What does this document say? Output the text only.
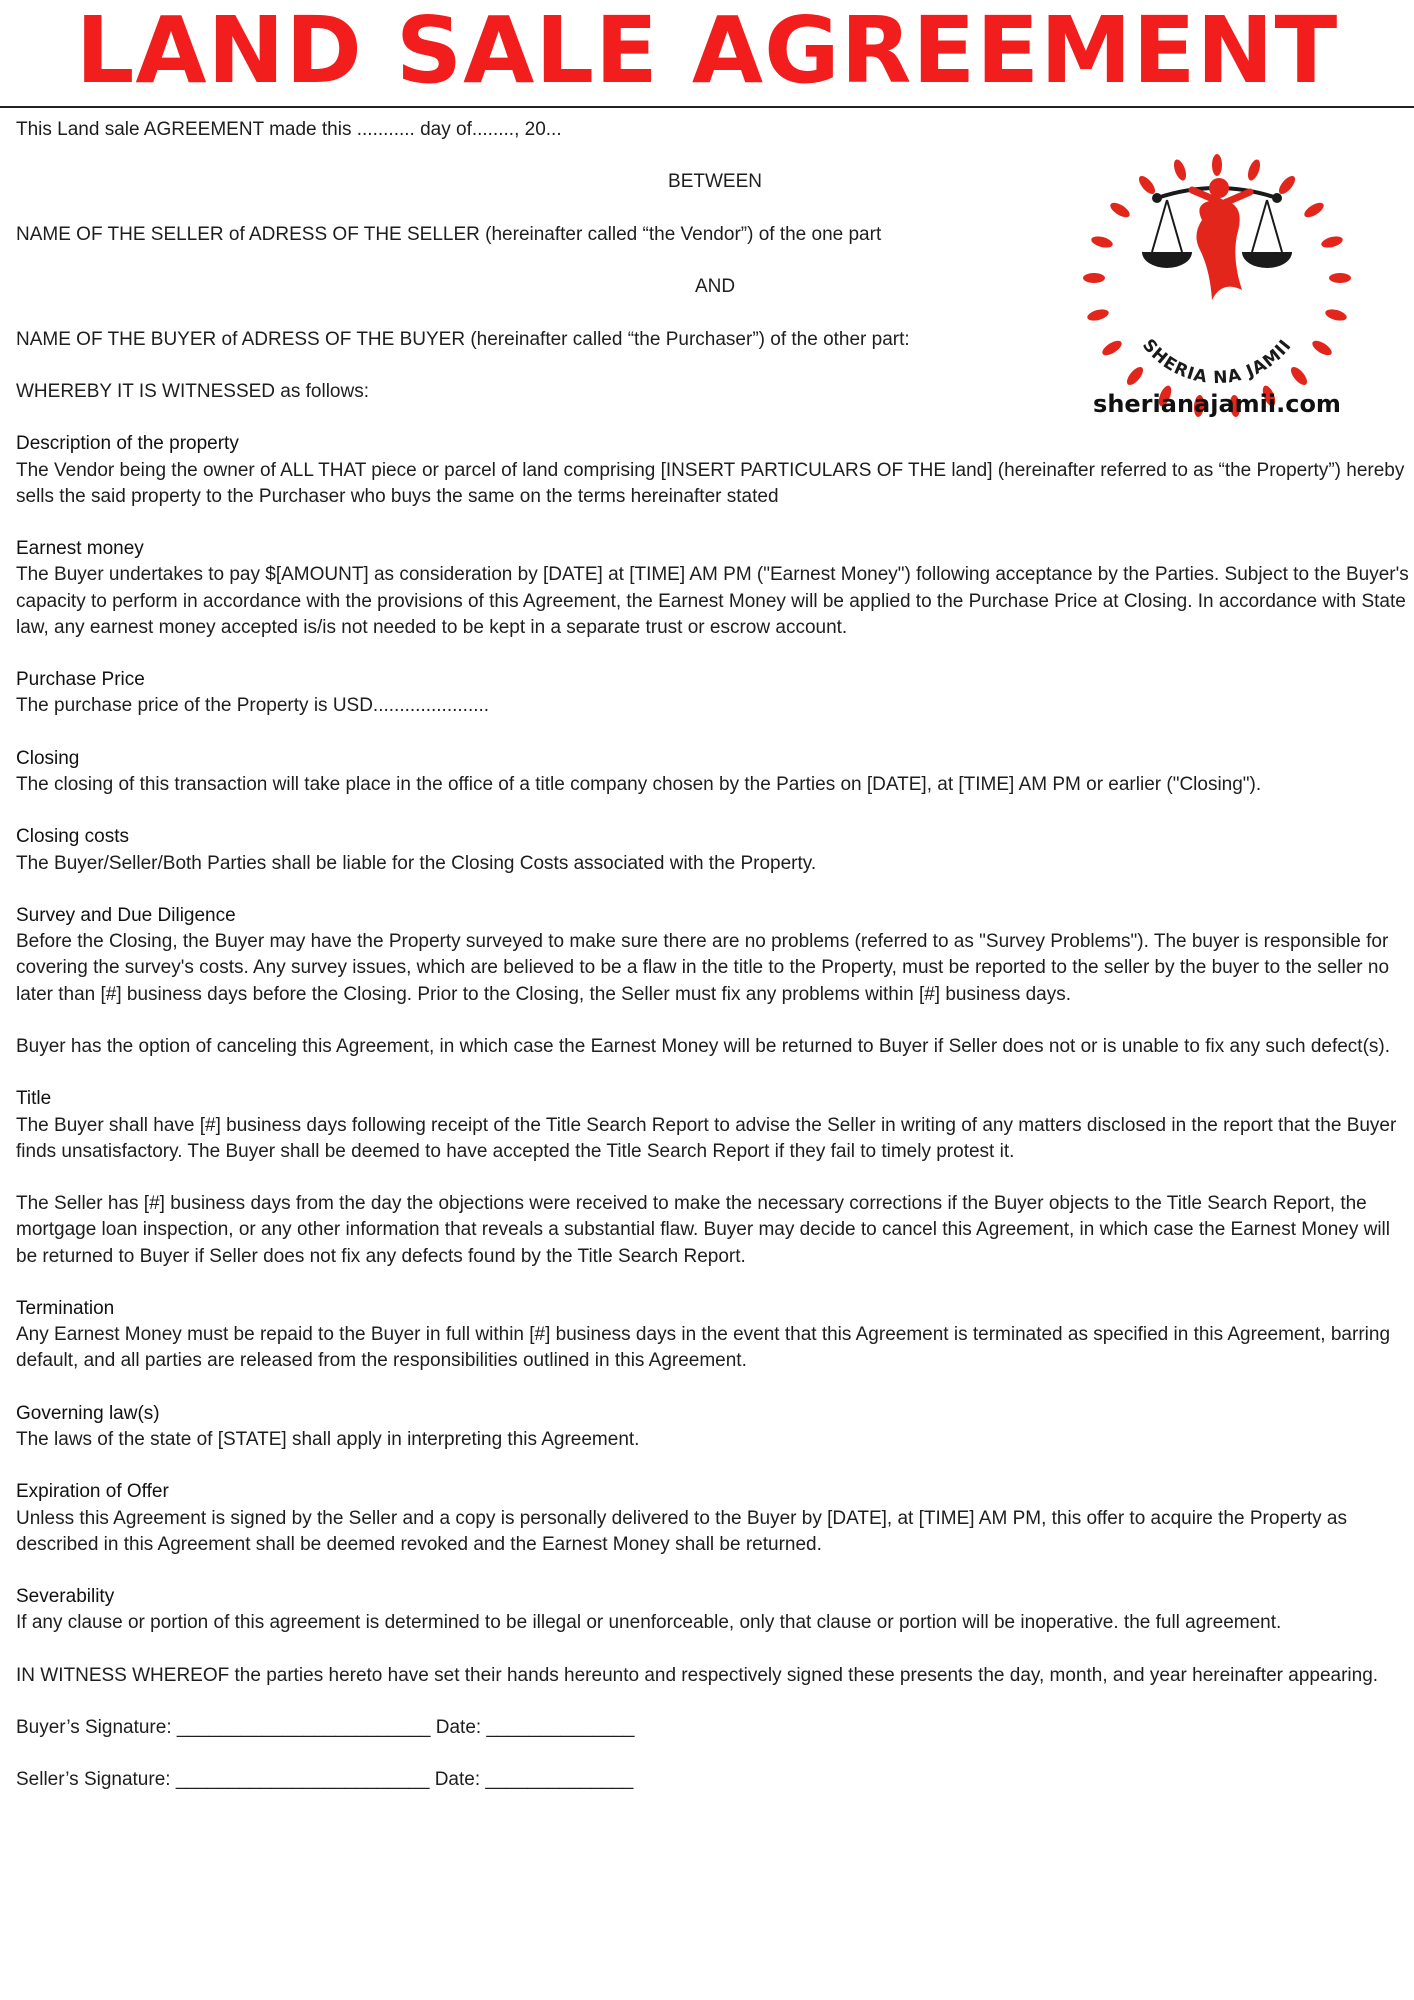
LAND SALE AGREEMENT
SHERIA NA JAMII
sherianajamii.com

This Land sale AGREEMENT made this ........... day of........, 20...

BETWEEN

NAME OF THE SELLER of ADRESS OF THE SELLER (hereinafter called “the Vendor”) of the one part

AND

NAME OF THE BUYER of ADRESS OF THE BUYER (hereinafter called “the Purchaser”) of the other part:

WHEREBY IT IS WITNESSED as follows:

Description of the property

The Vendor being the owner of ALL THAT piece or parcel of land comprising [INSERT PARTICULARS OF THE land] (hereinafter referred to as “the Property”) hereby sells the said property to the Purchaser who buys the same on the terms hereinafter stated

Earnest money

The Buyer undertakes to pay $[AMOUNT] as consideration by [DATE] at [TIME] AM PM ("Earnest Money") following acceptance by the Parties. Subject to the Buyer's capacity to perform in accordance with the provisions of this Agreement, the Earnest Money will be applied to the Purchase Price at Closing. In accordance with State law, any earnest money accepted is/is not needed to be kept in a separate trust or escrow account.

Purchase Price

The purchase price of the Property is USD......................

Closing

The closing of this transaction will take place in the office of a title company chosen by the Parties on [DATE], at [TIME] AM PM or earlier ("Closing").

Closing costs

The Buyer/Seller/Both Parties shall be liable for the Closing Costs associated with the Property.

Survey and Due Diligence

Before the Closing, the Buyer may have the Property surveyed to make sure there are no problems (referred to as "Survey Problems"). The buyer is responsible for covering the survey's costs. Any survey issues, which are believed to be a flaw in the title to the Property, must be reported to the seller by the buyer to the seller no later than [#] business days before the Closing. Prior to the Closing, the Seller must fix any problems within [#] business days.

Buyer has the option of canceling this Agreement, in which case the Earnest Money will be returned to Buyer if Seller does not or is unable to fix any such defect(s).

Title

The Buyer shall have [#] business days following receipt of the Title Search Report to advise the Seller in writing of any matters disclosed in the report that the Buyer finds unsatisfactory. The Buyer shall be deemed to have accepted the Title Search Report if they fail to timely protest it.

The Seller has [#] business days from the day the objections were received to make the necessary corrections if the Buyer objects to the Title Search Report, the mortgage loan inspection, or any other information that reveals a substantial flaw. Buyer may decide to cancel this Agreement, in which case the Earnest Money will be returned to Buyer if Seller does not fix any defects found by the Title Search Report.

Termination

Any Earnest Money must be repaid to the Buyer in full within [#] business days in the event that this Agreement is terminated as specified in this Agreement, barring default, and all parties are released from the responsibilities outlined in this Agreement.

Governing law(s)

The laws of the state of [STATE] shall apply in interpreting this Agreement.

Expiration of Offer

Unless this Agreement is signed by the Seller and a copy is personally delivered to the Buyer by [DATE], at [TIME] AM PM, this offer to acquire the Property as described in this Agreement shall be deemed revoked and the Earnest Money shall be returned.

Severability

If any clause or portion of this agreement is determined to be illegal or unenforceable, only that clause or portion will be inoperative. the full agreement.

IN WITNESS WHEREOF the parties hereto have set their hands hereunto and respectively signed these presents the day, month, and year hereinafter appearing.

Buyer’s Signature: ________________________ Date: ______________

Seller’s Signature: ________________________ Date: ______________
